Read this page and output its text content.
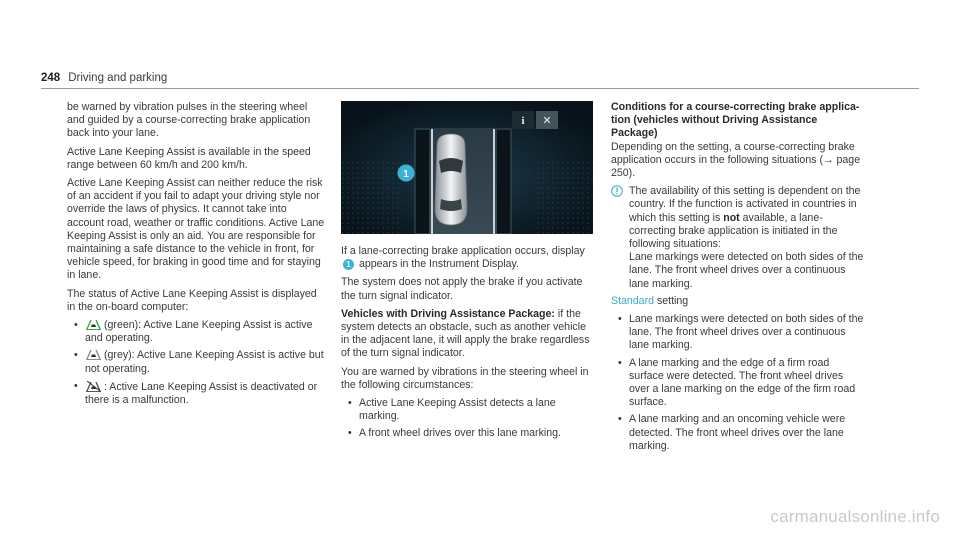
248 Driving and parking

be warned by vibration pulses in the steering wheel and guided by a course-correcting brake application back into your lane.

Active Lane Keeping Assist is available in the speed range between 60 km/h and 200 km/h.

Active Lane Keeping Assist can neither reduce the risk of an accident if you fail to adapt your driving style nor override the laws of physics. It cannot take into account road, weather or traffic conditions. Active Lane Keeping Assist is only an aid. You are responsible for maintaining a safe distance to the vehicle in front, for vehicle speed, for braking in good time and for staying in lane.

The status of Active Lane Keeping Assist is displayed in the on-board computer:

• (green): Active Lane Keeping Assist is active and operating.
• (grey): Active Lane Keeping Assist is active but not operating.
• : Active Lane Keeping Assist is deactivated or there is a malfunction.
i ✕
1

If a lane-correcting brake application occurs, display 1 appears in the Instrument Display.

The system does not apply the brake if you activate the turn signal indicator.

Vehicles with Driving Assistance Package: if the system detects an obstacle, such as another vehicle in the adjacent lane, it will apply the brake regardless of the turn signal indicator.

You are warned by vibrations in the steering wheel in the following circumstances:

• Active Lane Keeping Assist detects a lane marking.
• A front wheel drives over this lane marking.

Conditions for a course-correcting brake application (vehicles without Driving Assistance Package)

Depending on the setting, a course-correcting brake application occurs in the following situations (→ page 250).

The availability of this setting is dependent on the country. If the function is activated in countries in which this setting is not available, a lane-correcting brake application is initiated in the following situations:
Lane markings were detected on both sides of the lane. The front wheel drives over a continuous lane marking.

Standard setting

• Lane markings were detected on both sides of the lane. The front wheel drives over a continuous lane marking.
• A lane marking and the edge of a firm road surface were detected. The front wheel drives over a lane marking on the edge of the firm road surface.
• A lane marking and an oncoming vehicle were detected. The front wheel drives over the lane marking.
carmanualsonline.info
